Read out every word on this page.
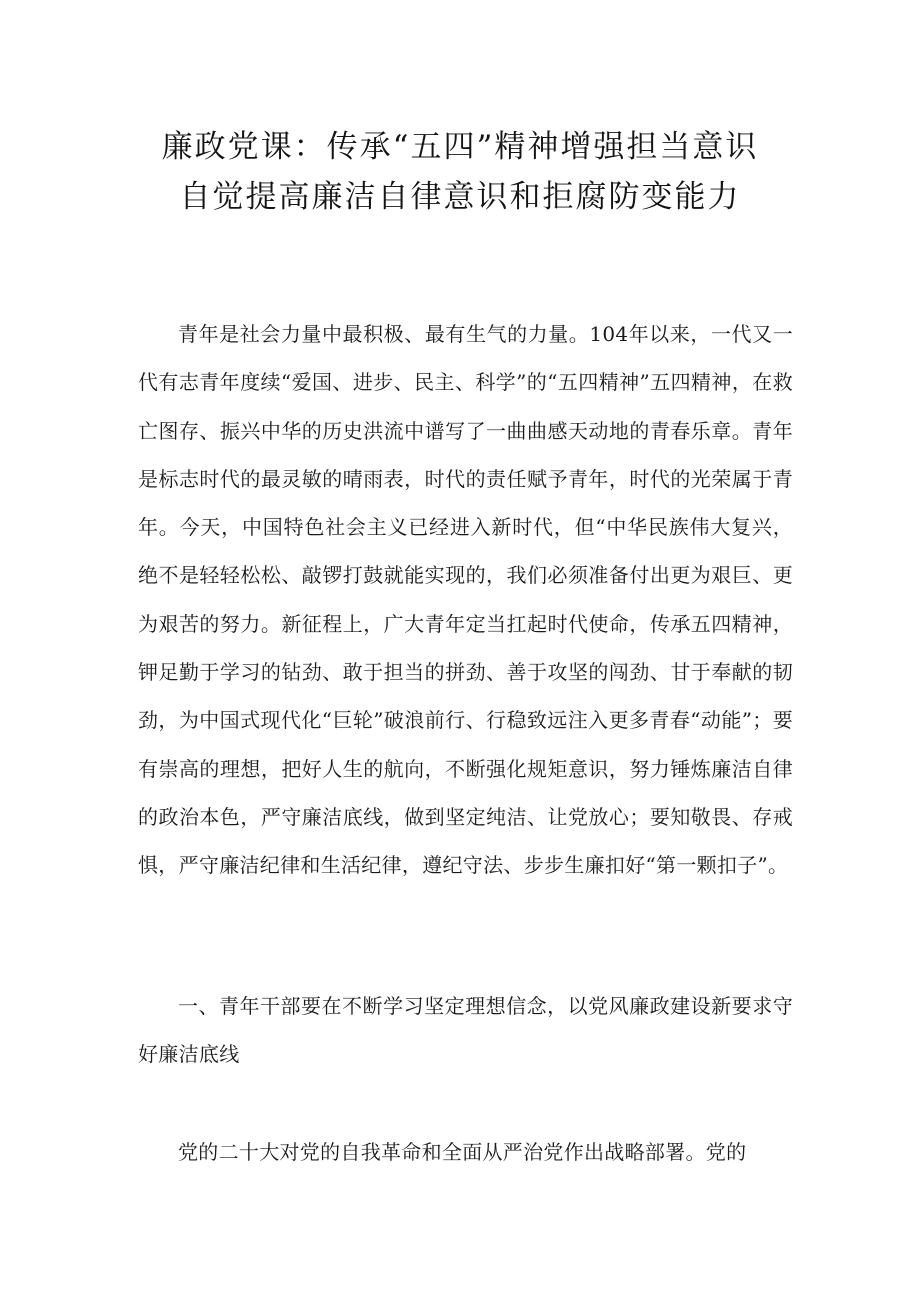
廉政党课：传承“五四”精神增强担当意识
自觉提高廉洁自律意识和拒腐防变能力

青年是社会力量中最积极、最有生气的力量。104年以来，一代又一代有志青年度续“爱国、进步、民主、科学”的“五四精神”五四精神，在救亡图存、振兴中华的历史洪流中谱写了一曲曲感天动地的青春乐章。青年是标志时代的最灵敏的晴雨表，时代的责任赋予青年，时代的光荣属于青年。今天，中国特色社会主义已经进入新时代，但“中华民族伟大复兴，绝不是轻轻松松、敲锣打鼓就能实现的，我们必须准备付出更为艰巨、更为艰苦的努力。新征程上，广大青年定当扛起时代使命，传承五四精神，钾足勤于学习的钻劲、敢于担当的拼劲、善于攻坚的闯劲、甘于奉献的韧劲，为中国式现代化“巨轮”破浪前行、行稳致远注入更多青春“动能”；要有崇高的理想，把好人生的航向，不断强化规矩意识，努力锤炼廉洁自律的政治本色，严守廉洁底线，做到坚定纯洁、让党放心；要知敬畏、存戒惧，严守廉洁纪律和生活纪律，遵纪守法、步步生廉扣好“第一颗扣子”。

一、青年干部要在不断学习坚定理想信念，以党风廉政建设新要求守好廉洁底线

党的二十大对党的自我革命和全面从严治党作出战略部署。党的
